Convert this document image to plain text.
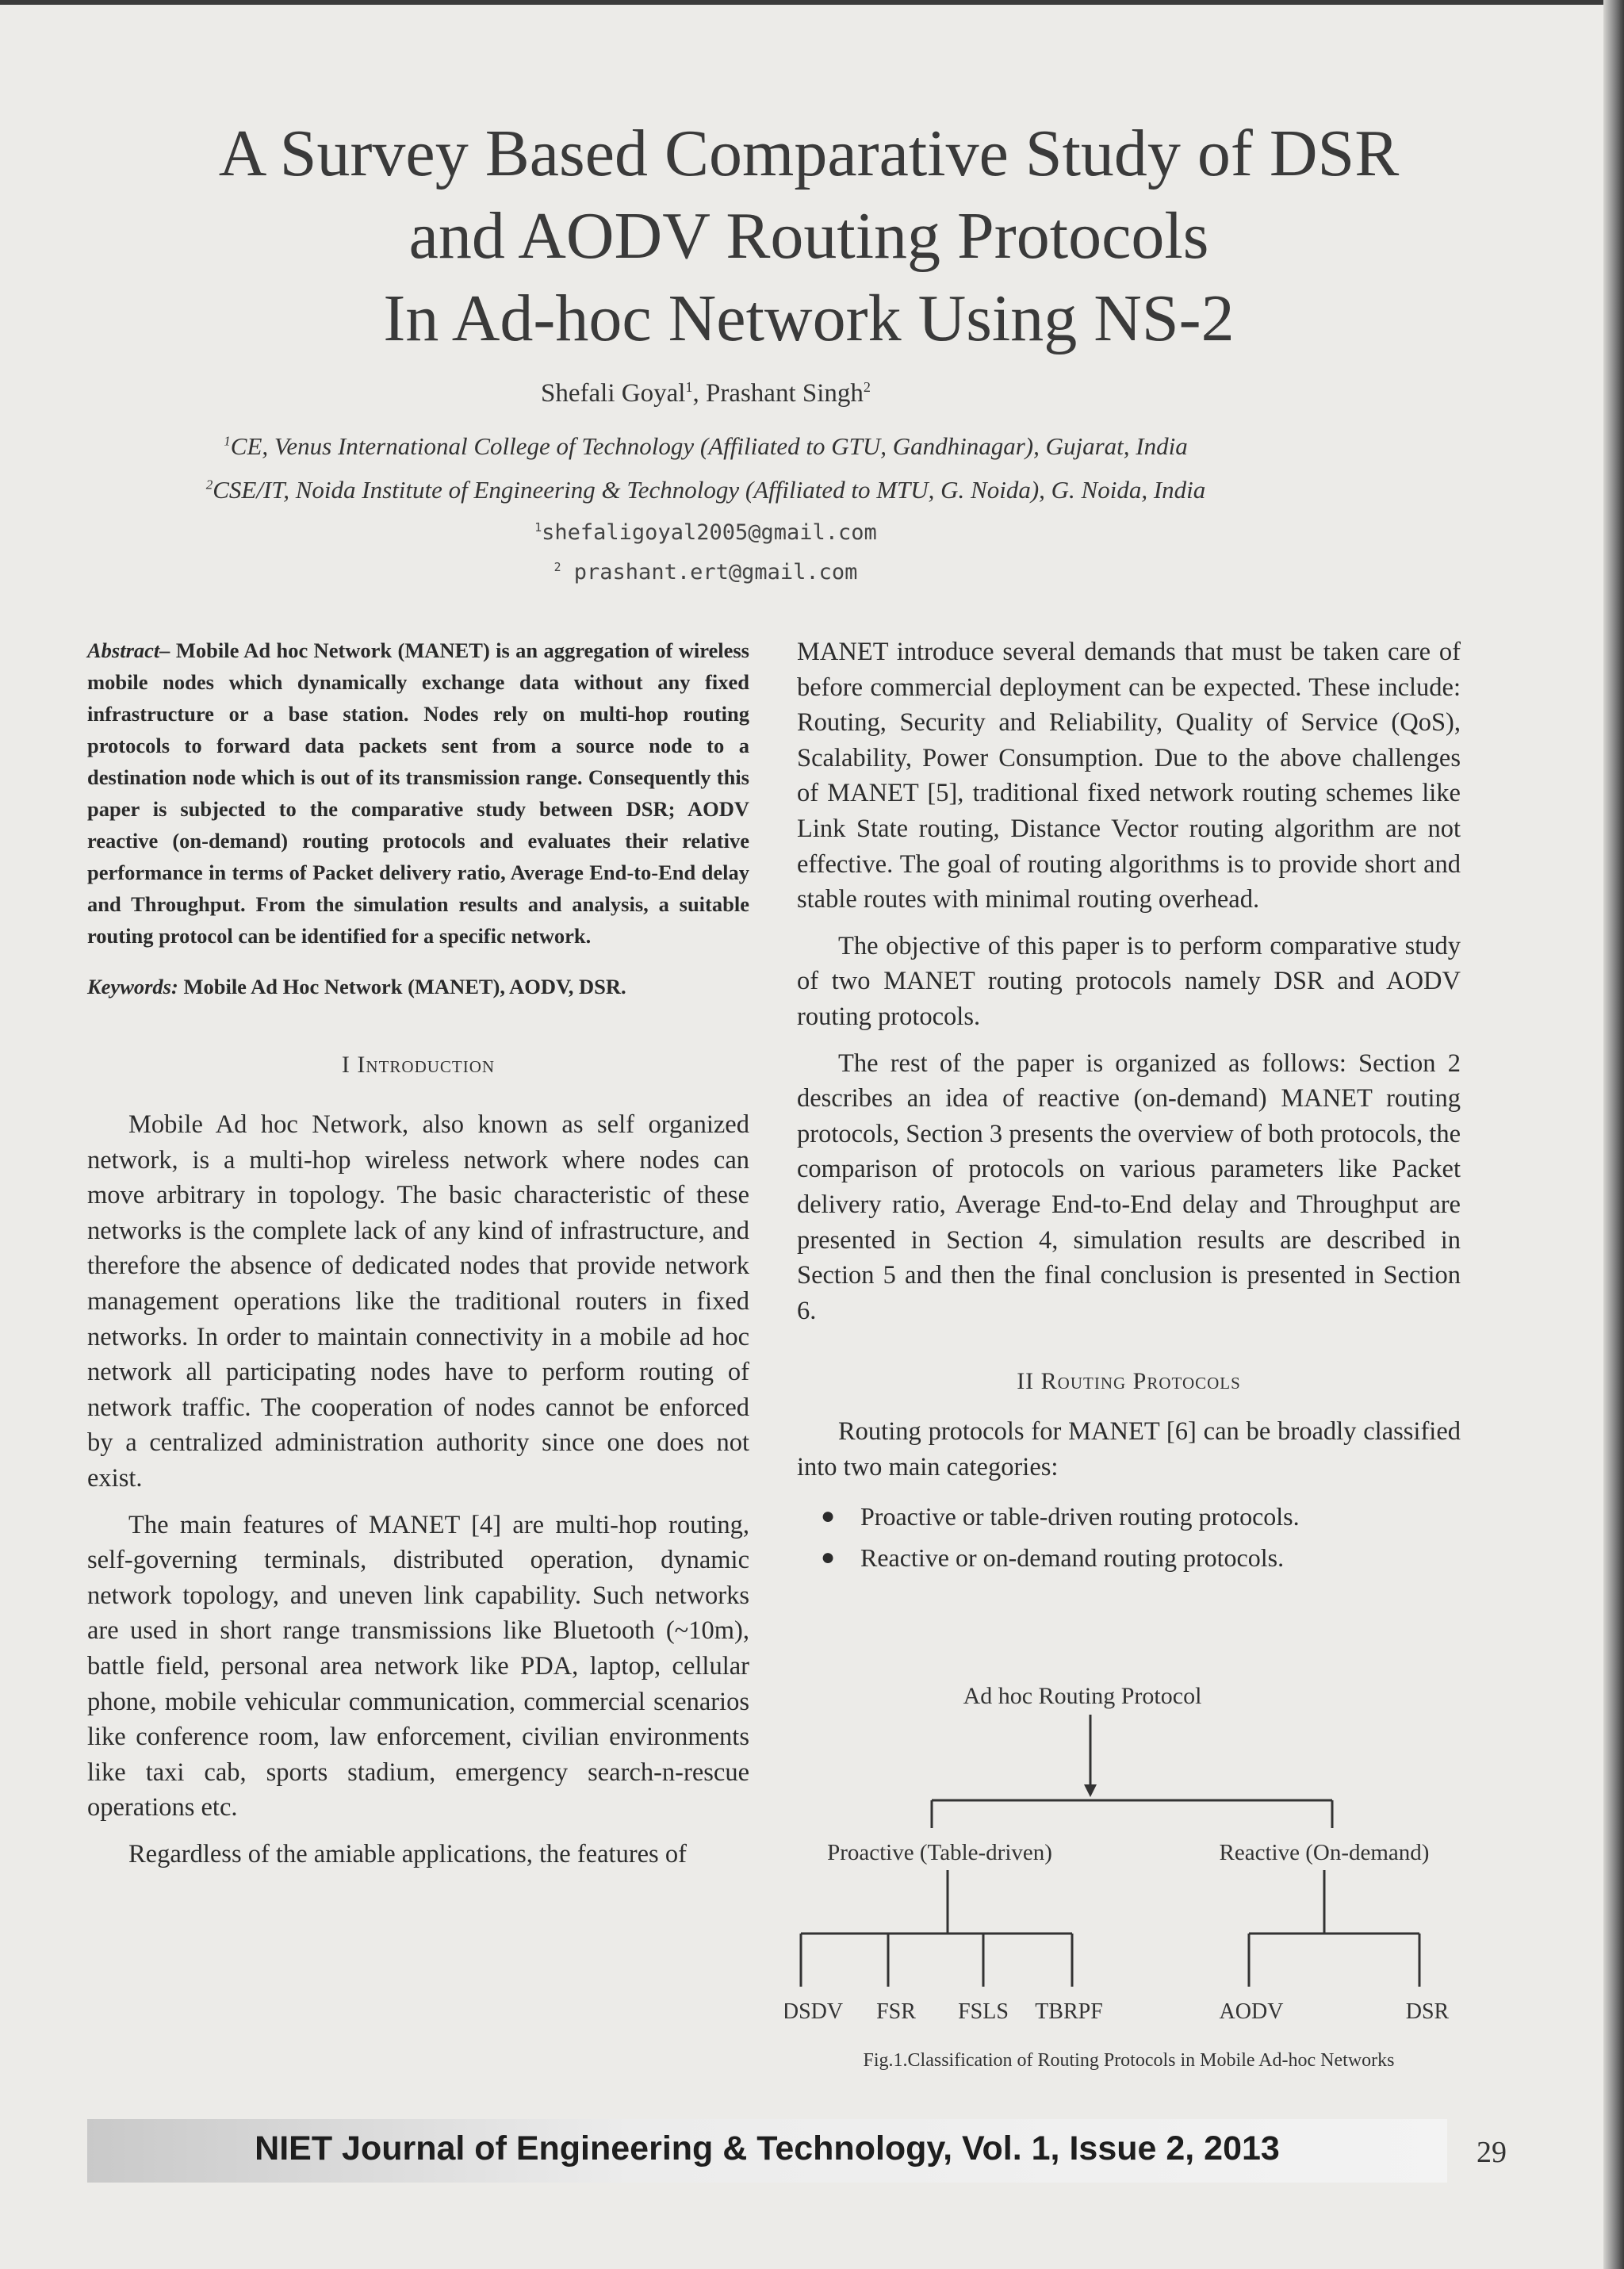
A Survey Based Comparative Study of DSR
and AODV Routing Protocols
In Ad-hoc Network Using NS-2
Shefali Goyal$^1$, Prashant Singh$^2$
$^1$CE, Venus International College of Technology (Affiliated to GTU, Gandhinagar), Gujarat, India
$^2$CSE/IT, Noida Institute of Engineering & Technology (Affiliated to MTU, G. Noida), G. Noida, India
$^1$shefaligoyal2005@gmail.com
$^2$ prashant.ert@gmail.com

Abstract– Mobile Ad hoc Network (MANET) is an aggregation of wireless mobile nodes which dynamically exchange data without any fixed infrastructure or a base station. Nodes rely on multi-hop routing protocols to forward data packets sent from a source node to a destination node which is out of its transmission range. Consequently this paper is subjected to the comparative study between DSR; AODV reactive (on-demand) routing protocols and evaluates their relative performance in terms of Packet delivery ratio, Average End-to-End delay and Throughput. From the simulation results and analysis, a suitable routing protocol can be identified for a specific network.

Keywords: Mobile Ad Hoc Network (MANET), AODV, DSR.

I Introduction

Mobile Ad hoc Network, also known as self organized network, is a multi-hop wireless network where nodes can move arbitrary in topology. The basic characteristic of these networks is the complete lack of any kind of infrastructure, and therefore the absence of dedicated nodes that provide network management operations like the traditional routers in fixed networks. In order to maintain connectivity in a mobile ad hoc network all participating nodes have to perform routing of network traffic. The cooperation of nodes cannot be enforced by a centralized administration authority since one does not exist.

The main features of MANET [4] are multi-hop routing, self-governing terminals, distributed operation, dynamic network topology, and uneven link capability. Such networks are used in short range transmissions like Bluetooth (~10m), battle field, personal area network like PDA, laptop, cellular phone, mobile vehicular communication, commercial scenarios like conference room, law enforcement, civilian environments like taxi cab, sports stadium, emergency search-n-rescue operations etc.

Regardless of the amiable applications, the features of

MANET introduce several demands that must be taken care of before commercial deployment can be expected. These include: Routing, Security and Reliability, Quality of Service (QoS), Scalability, Power Consumption. Due to the above challenges of MANET [5], traditional fixed network routing schemes like Link State routing, Distance Vector routing algorithm are not effective. The goal of routing algorithms is to provide short and stable routes with minimal routing overhead.

The objective of this paper is to perform comparative study of two MANET routing protocols namely DSR and AODV routing protocols.

The rest of the paper is organized as follows: Section 2 describes an idea of reactive (on-demand) MANET routing protocols, Section 3 presents the overview of both protocols, the comparison of protocols on various parameters like Packet delivery ratio, Average End-to-End delay and Throughput are presented in Section 4, simulation results are described in Section 5 and then the final conclusion is presented in Section 6.

II Routing Protocols

Routing protocols for MANET [6] can be broadly classified into two main categories:

● Proactive or table-driven routing protocols.
● Reactive or on-demand routing protocols.
Ad hoc Routing Protocol
Proactive (Table-driven)	Reactive (On-demand)
DSDV FSR FSLS TBRPF	AODV	DSR
Fig.1.Classification of Routing Protocols in Mobile Ad-hoc Networks
NIET Journal of Engineering & Technology, Vol. 1, Issue 2, 2013	29
